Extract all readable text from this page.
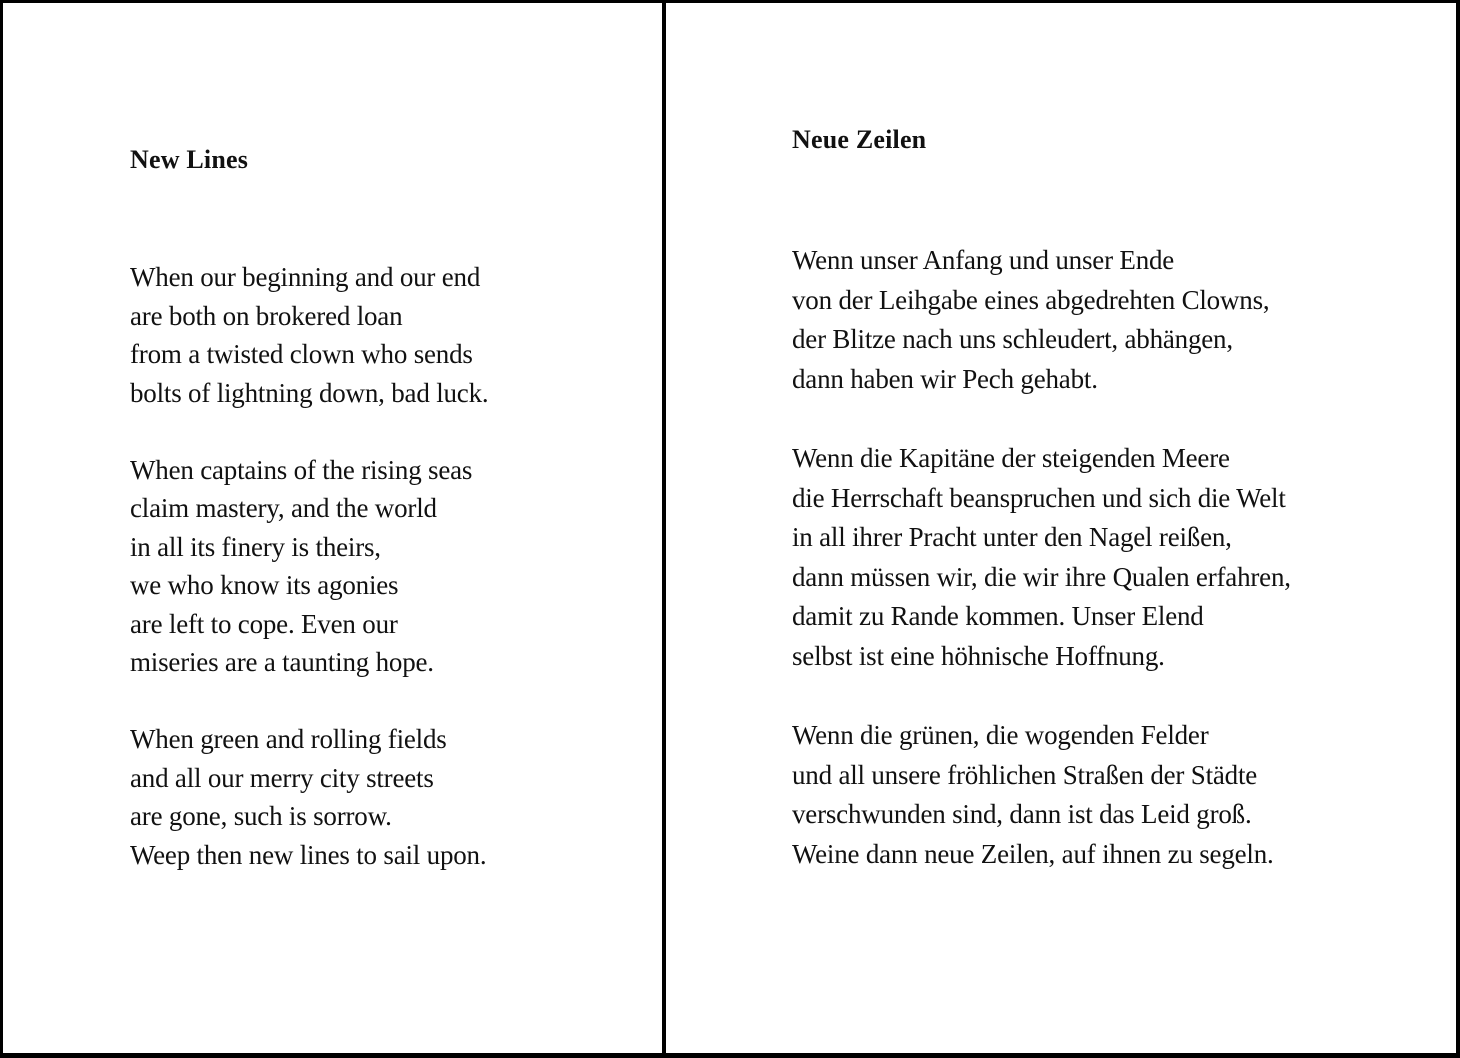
New Lines
When our beginning and our end
are both on brokered loan
from a twisted clown who sends
bolts of lightning down, bad luck.
When captains of the rising seas
claim mastery, and the world
in all its finery is theirs,
we who know its agonies
are left to cope. Even our
miseries are a taunting hope.
When green and rolling fields
and all our merry city streets
are gone, such is sorrow.
Weep then new lines to sail upon.
Neue Zeilen
Wenn unser Anfang und unser Ende
von der Leihgabe eines abgedrehten Clowns,
der Blitze nach uns schleudert, abhängen,
dann haben wir Pech gehabt.
Wenn die Kapitäne der steigenden Meere
die Herrschaft beanspruchen und sich die Welt
in all ihrer Pracht unter den Nagel reißen,
dann müssen wir, die wir ihre Qualen erfahren,
damit zu Rande kommen. Unser Elend
selbst ist eine höhnische Hoffnung.
Wenn die grünen, die wogenden Felder
und all unsere fröhlichen Straßen der Städte
verschwunden sind, dann ist das Leid groß.
Weine dann neue Zeilen, auf ihnen zu segeln.
